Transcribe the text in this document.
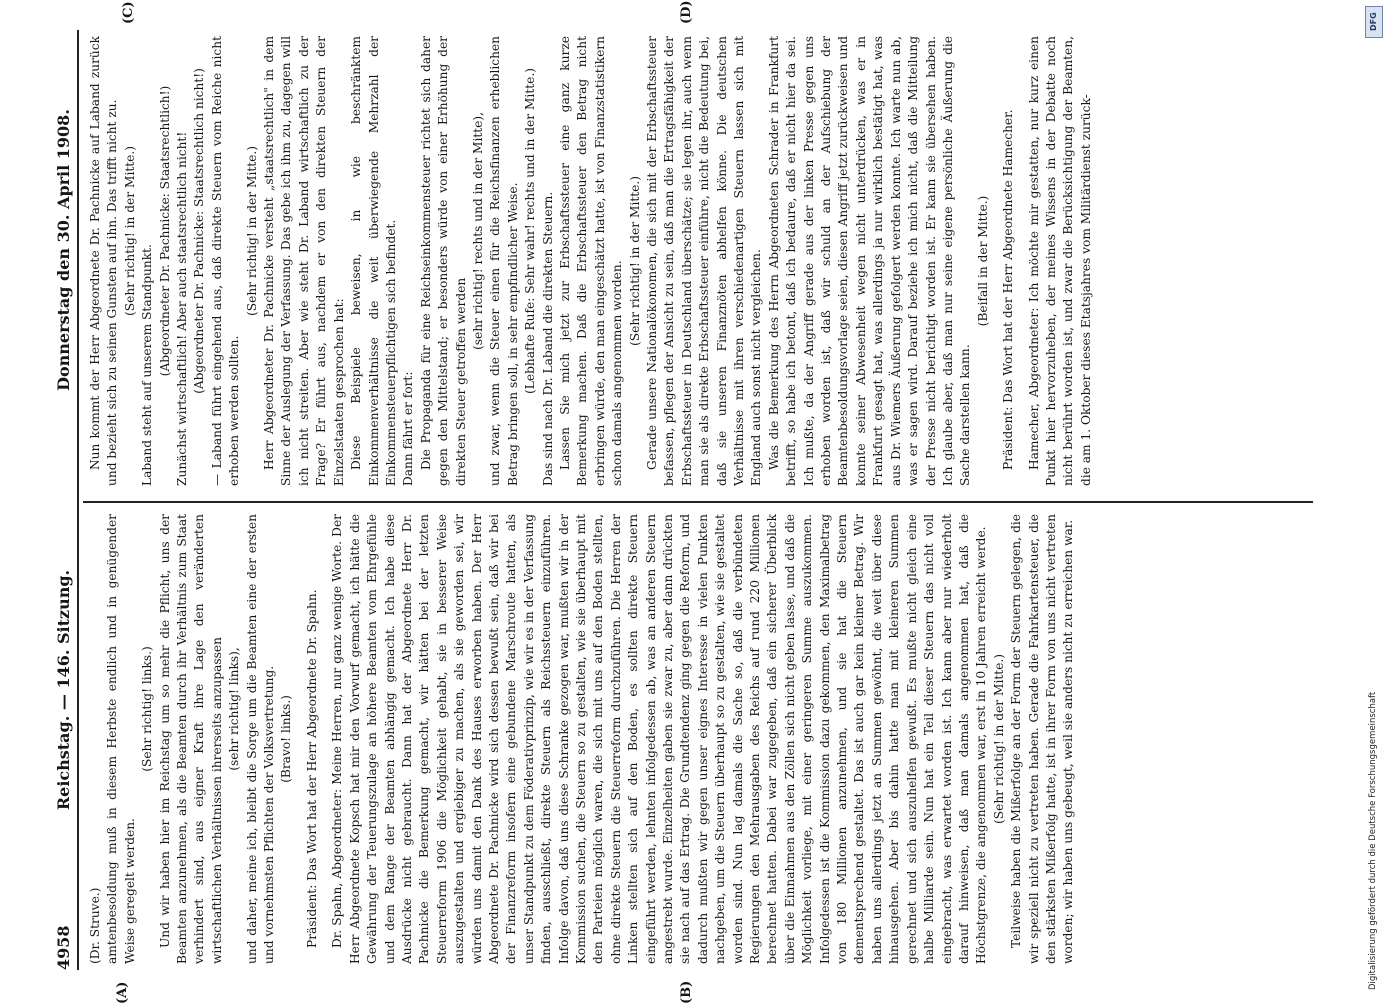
4958
Reichstag. — 146. Sitzung.
Donnerstag den 30. April 1908.
(A)	(B)
(C)	(D)

(Dr. Struve.) amtenbesoldung muß in diesem Herbste endlich und in genügender Weise geregelt werden.

(Sehr richtig! links.) Und wir haben hier im Reichstag um so mehr die Pflicht, uns der Beamten anzunehmen, als die Beamten durch ihr Verhältnis zum Staat verhindert sind, aus eigner Kraft ihre Lage den veränderten wirtschaftlichen Verhältnissen ihrerseits anzupassen (sehr richtig! links), und daher, meine ich, bleibt die Sorge um die Beamten eine der ersten und vornehmsten Pflichten der Volksvertretung. (Bravo! links.) Präsident: Das Wort hat der Herr Abgeordnete Dr. Spahn. Dr. Spahn, Abgeordneter: Meine Herren, nur ganz wenige Worte. Der Herr Abgeordnete Kopsch hat mir den Vorwurf gemacht, ich hätte die Gewährung der Teuerungszulage an höhere Beamten vom Ehrgefühle und dem Range der Beamten abhängig gemacht. Ich habe diese Ausdrücke nicht gebraucht. Dann hat der Abgeordnete Herr Dr. Pachnicke die Bemerkung gemacht, wir hätten bei der letzten Steuerreform 1906 die Möglichkeit gehabt, sie in besserer Weise auszugestalten und ergiebiger zu machen, als sie geworden sei, wir würden uns damit den Dank des Hauses erworben haben. Der Herr Abgeordnete Dr. Pachnicke wird sich dessen bewußt sein, daß wir bei der Finanzreform insofern eine gebundene Marschroute hatten, als unser Standpunkt zu dem Föderativprinzip, wie wir es in der Verfassung finden, ausschließt, direkte Steuern als Reichssteuern einzuführen. Infolge davon, daß uns diese Schranke gezogen war, mußten wir in der Kommission suchen, die Steuern so zu gestalten, wie sie überhaupt mit den Parteien möglich waren, die sich mit uns auf den Boden stellten, ohne direkte Steuern die Steuerreform durchzuführen. Die Herren der Linken stellten sich auf den Boden, es sollten direkte Steuern eingeführt werden, lehnten infolgedessen ab, was an anderen Steuern angestrebt wurde. Einzelheiten gaben sie zwar zu, aber dann drückten sie nach auf das Ertrag. Die Grundtendenz ging gegen die Reform, und dadurch mußten wir gegen unser eignes Interesse in vielen Punkten nachgeben, um die Steuern überhaupt so zu gestalten, wie sie gestaltet worden sind. Nun lag damals die Sache so, daß die verbündeten Regierungen den Mehrausgaben des Reichs auf rund 220 Millionen berechnet hatten. Dabei war zugegeben, daß ein sicherer Überblick über die Einnahmen aus den Zöllen sich nicht geben lasse, und daß die Möglichkeit vorliege, mit einer geringeren Summe auszukommen. Infolgedessen ist die Kommission dazu gekommen, den Maximalbetrag von 180 Millionen anzunehmen, und sie hat die Steuern dementsprechend gestaltet. Das ist auch gar kein kleiner Betrag. Wir haben uns allerdings jetzt an Summen gewöhnt, die weit über diese hinausgehen. Aber bis dahin hatte man mit kleineren Summen gerechnet und sich auszuhelfen gewußt. Es mußte nicht gleich eine halbe Milliarde sein. Nun hat ein Teil dieser Steuern das nicht voll eingebracht, was erwartet worden ist. Ich kann aber nur wiederholt darauf hinweisen, daß man damals angenommen hat, daß die Höchstgrenze, die angenommen war, erst in 10 Jahren erreicht werde. (Sehr richtig! in der Mitte.) Teilweise haben die Mißerfolge an der Form der Steuern gelegen, die wir speziell nicht zu vertreten haben. Gerade die Fahrkartensteuer, die den stärksten Mißerfolg hatte, ist in ihrer Form von uns nicht vertreten worden; wir haben uns gebeugt, weil sie anders nicht zu erreichen war.

Nun kommt der Herr Abgeordnete Dr. Pachnicke auf Laband zurück und bezieht sich zu seinen Gunsten auf ihn. Das trifft nicht zu. (Sehr richtig! in der Mitte.)

Laband steht auf unserem Standpunkt. (Abgeordneter Dr. Pachnicke: Staatsrechtlich!) Zunächst wirtschaftlich! Aber auch staatsrechtlich nicht! (Abgeordneter Dr. Pachnicke: Staatsrechtlich nicht!) — Laband führt eingehend aus, daß direkte Steuern vom Reiche nicht erhoben werden sollten.

(Sehr richtig! in der Mitte.) Herr Abgeordneter Dr. Pachnicke versteht „staatsrechtlich" in dem Sinne der Auslegung der Verfassung. Das gebe ich ihm zu, dagegen will ich nicht streiten. Aber wie steht Dr. Laband wirtschaftlich zu der Frage? Er führt aus, nachdem er von den direkten Steuern der Einzelstaaten gesprochen hat: Diese Beispiele beweisen, in wie beschränktem Einkommenverhältnisse die weit überwiegende Mehrzahl der Einkommensteuerpflichtigen sich befindet. Dann fährt er fort: Die Propaganda für eine Reichseinkommensteuer richtet sich daher gegen den Mittelstand; er besonders würde von einer Erhöhung der direkten Steuer getroffen werden

(sehr richtig! rechts und in der Mitte), und zwar, wenn die Steuer einen für die Reichsfinanzen erheblichen Betrag bringen soll, in sehr empfindlicher Weise. (Lebhafte Rufe: Sehr wahr! rechts und in der Mitte.) Das sind nach Dr. Laband die direkten Steuern. Lassen Sie mich jetzt zur Erbschaftssteuer eine ganz kurze Bemerkung machen. Daß die Erbschaftssteuer den Betrag nicht erbringen würde, den man eingeschätzt hatte, ist von Finanzstatistikern schon damals angenommen worden. (Sehr richtig! in der Mitte.) Gerade unsere Nationalökonomen, die sich mit der Erbschaftssteuer befassen, pflegen der Ansicht zu sein, daß man die Ertragsfähigkeit der Erbschaftssteuer in Deutschland überschätze; sie legen ihr, auch wenn man sie als direkte Erbschaftssteuer einführe, nicht die Bedeutung bei, daß sie unseren Finanznöten abhelfen könne. Die deutschen Verhältnisse mit ihren verschiedenartigen Steuern lassen sich mit England auch sonst nicht vergleichen. Was die Bemerkung des Herrn Abgeordneten Schrader in Frankfurt betrifft, so habe ich betont, daß ich bedaure, daß er nicht hier da sei. Ich mußte, da der Angriff gerade aus der linken Presse gegen uns erhoben worden ist, daß wir schuld an der Aufschiebung der Beamtenbesoldungsvorlage seien, diesen Angriff jetzt zurückweisen und konnte seiner Abwesenheit wegen nicht unterdrücken, was er in Frankfurt gesagt hat, was allerdings ja nur wirklich bestätigt hat, was aus Dr. Wiemers Äußerung gefolgert werden konnte. Ich warte nun ab, was er sagen wird. Darauf beziehe ich mich nicht, daß die Mitteilung der Presse nicht berichtigt worden ist. Er kann sie übersehen haben. Ich glaube aber, daß man nur seine eigene persönliche Äußerung die Sache darstellen kann.

(Beifall in der Mitte.) Präsident: Das Wort hat der Herr Abgeordnete Hamecher. Hamecher, Abgeordneter: Ich möchte mir gestatten, nur kurz einen Punkt hier hervorzuheben, der meines Wissens in der Debatte noch nicht berührt worden ist, und zwar die Berücksichtigung der Beamten, die am 1. Oktober dieses Etatsjahres vom Militärdienst zurück-

Digitalisierung gefördert durch die Deutsche Forschungsgemeinschaft
DFG
